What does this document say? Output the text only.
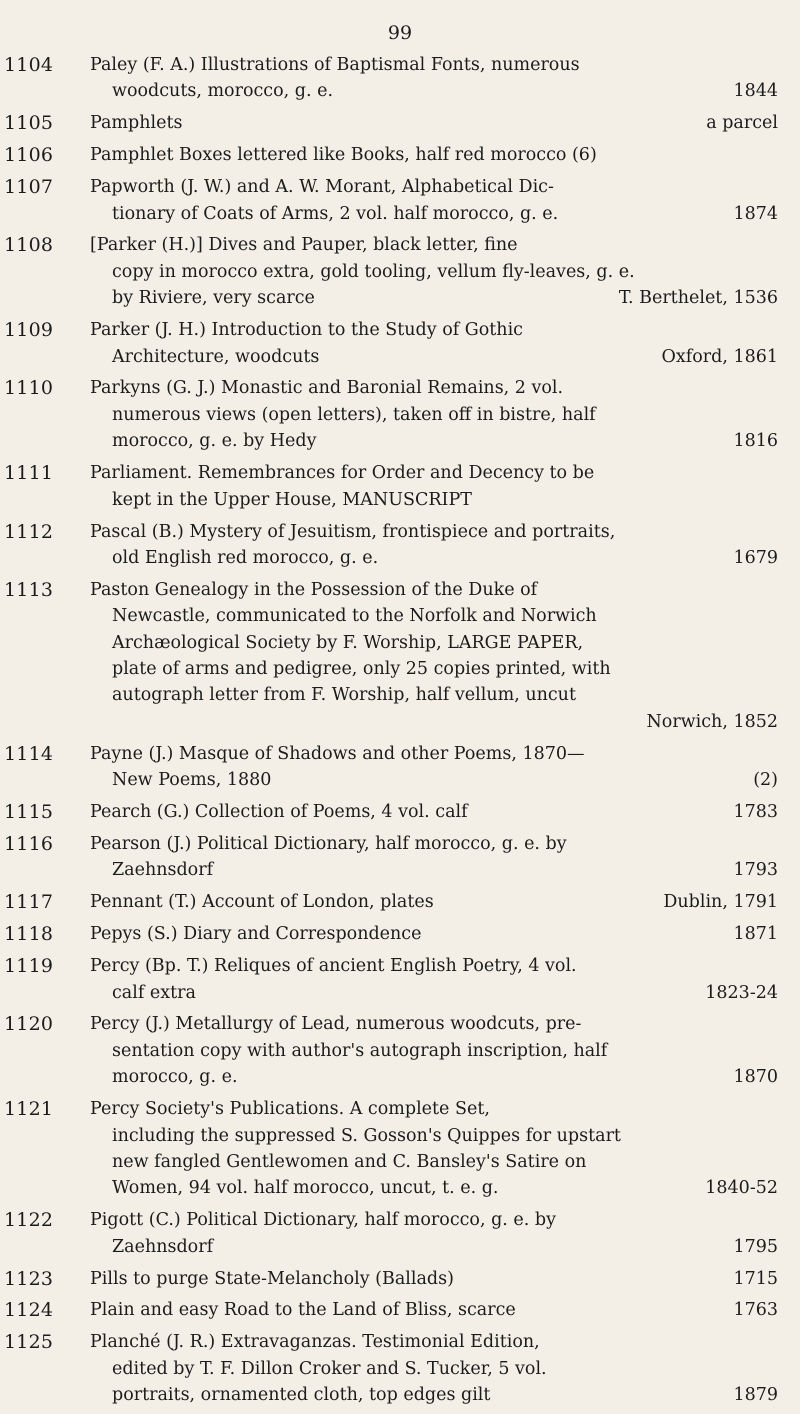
99
1104	Paley (F. A.) Illustrations of Baptismal Fonts, numerous
woodcuts, morocco, g. e.	1844
1105	Pamphlets	a parcel
1106	Pamphlet Boxes lettered like Books, half red morocco (6)
1107	Papworth (J. W.) and A. W. Morant, Alphabetical Dic-
tionary of Coats of Arms, 2 vol. half morocco, g. e.	1874
1108	[Parker (H.)] Dives and Pauper, black letter, fine
copy in morocco extra, gold tooling, vellum fly-leaves, g. e.
by Riviere, very scarce	T. Berthelet, 1536
1109	Parker (J. H.) Introduction to the Study of Gothic
Architecture, woodcuts	Oxford, 1861
1110	Parkyns (G. J.) Monastic and Baronial Remains, 2 vol.
numerous views (open letters), taken off in bistre, half
morocco, g. e. by Hedy	1816
1111	Parliament. Remembrances for Order and Decency to be
kept in the Upper House, MANUSCRIPT
1112	Pascal (B.) Mystery of Jesuitism, frontispiece and portraits,
old English red morocco, g. e.	1679
1113	Paston Genealogy in the Possession of the Duke of
Newcastle, communicated to the Norfolk and Norwich
Archæological Society by F. Worship, LARGE PAPER,
plate of arms and pedigree, only 25 copies printed, with
autograph letter from F. Worship, half vellum, uncut
Norwich, 1852
1114	Payne (J.) Masque of Shadows and other Poems, 1870—
New Poems, 1880	(2)
1115	Pearch (G.) Collection of Poems, 4 vol. calf	1783
1116	Pearson (J.) Political Dictionary, half morocco, g. e. by
Zaehnsdorf	1793
1117	Pennant (T.) Account of London, plates	Dublin, 1791
1118	Pepys (S.) Diary and Correspondence	1871
1119	Percy (Bp. T.) Reliques of ancient English Poetry, 4 vol.
calf extra	1823-24
1120	Percy (J.) Metallurgy of Lead, numerous woodcuts, pre-
sentation copy with author's autograph inscription, half
morocco, g. e.	1870
1121	Percy Society's Publications. A complete Set,
including the suppressed S. Gosson's Quippes for upstart
new fangled Gentlewomen and C. Bansley's Satire on
Women, 94 vol. half morocco, uncut, t. e. g.	1840-52
1122	Pigott (C.) Political Dictionary, half morocco, g. e. by
Zaehnsdorf	1795
1123	Pills to purge State-Melancholy (Ballads)	1715
1124	Plain and easy Road to the Land of Bliss, scarce	1763
1125	Planché (J. R.) Extravaganzas. Testimonial Edition,
edited by T. F. Dillon Croker and S. Tucker, 5 vol.
portraits, ornamented cloth, top edges gilt	1879
